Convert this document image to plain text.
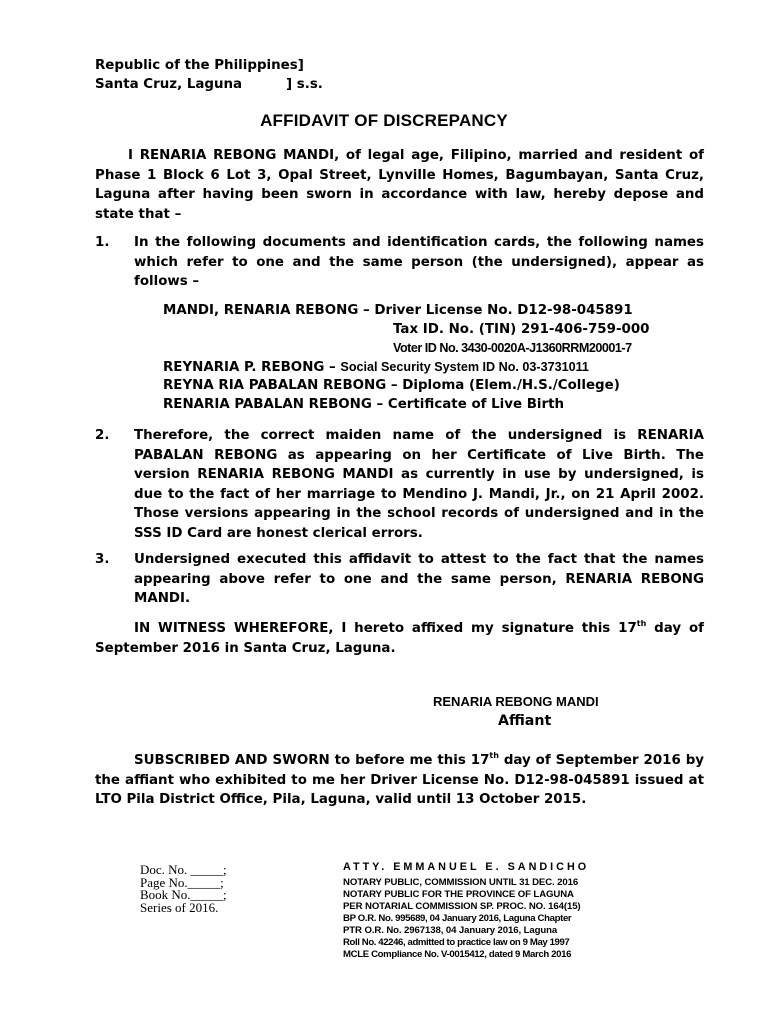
Republic of the Philippines]
Santa Cruz, Laguna	] s.s.
AFFIDAVIT OF DISCREPANCY
I RENARIA REBONG MANDI, of legal age, Filipino, married and resident of Phase 1 Block 6 Lot 3, Opal Street, Lynville Homes, Bagumbayan, Santa Cruz, Laguna after having been sworn in accordance with law, hereby depose and state that –
1. In the following documents and identification cards, the following names which refer to one and the same person (the undersigned), appear as follows –
MANDI, RENARIA REBONG – Driver License No. D12-98-045891
Tax ID. No. (TIN) 291-406-759-000
Voter ID No. 3430-0020A-J1360RRM20001-7
REYNARIA P. REBONG – Social Security System ID No. 03-3731011
REYNA RIA PABALAN REBONG – Diploma (Elem./H.S./College)
RENARIA PABALAN REBONG – Certificate of Live Birth
2. Therefore, the correct maiden name of the undersigned is RENARIA PABALAN REBONG as appearing on her Certificate of Live Birth. The version RENARIA REBONG MANDI as currently in use by undersigned, is due to the fact of her marriage to Mendino J. Mandi, Jr., on 21 April 2002. Those versions appearing in the school records of undersigned and in the SSS ID Card are honest clerical errors.
3. Undersigned executed this affidavit to attest to the fact that the names appearing above refer to one and the same person, RENARIA REBONG MANDI.
IN WITNESS WHEREFORE, I hereto affixed my signature this 17th day of September 2016 in Santa Cruz, Laguna.
RENARIA REBONG MANDI
Affiant
SUBSCRIBED AND SWORN to before me this 17th day of September 2016 by the affiant who exhibited to me her Driver License No. D12-98-045891 issued at LTO Pila District Office, Pila, Laguna, valid until 13 October 2015.
Doc. No. _____;
Page No._____;
Book No._____;
Series of 2016.
ATTY. EMMANUEL E. SANDICHO
NOTARY PUBLIC, COMMISSION UNTIL 31 DEC. 2016
NOTARY PUBLIC FOR THE PROVINCE OF LAGUNA
PER NOTARIAL COMMISSION SP. PROC. NO. 164(15)
BP O.R. No. 995689, 04 January 2016, Laguna Chapter
PTR O.R. No. 2967138, 04 January 2016, Laguna
Roll No. 42246, admitted to practice law on 9 May 1997
MCLE Compliance No. V-0015412, dated 9 March 2016
